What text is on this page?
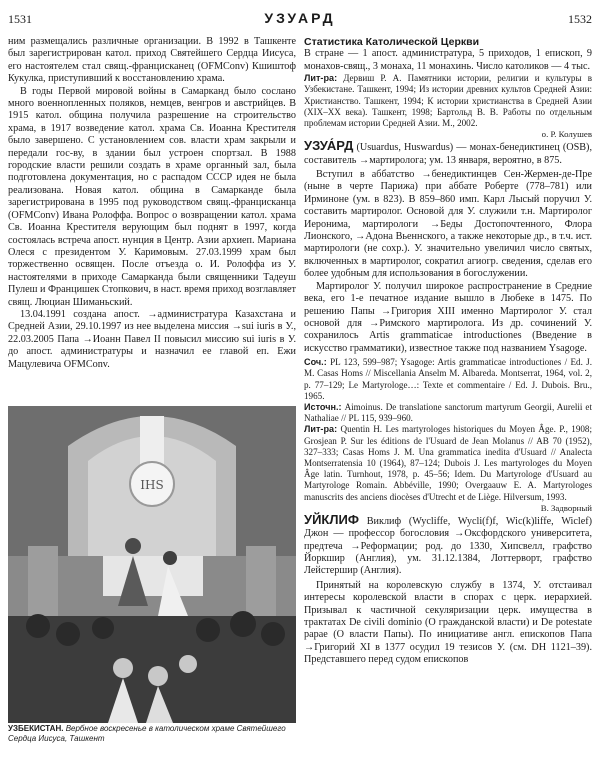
1531	УЗУАРД	1532

ним размещались различные организации. В 1992 в Ташкенте был зарегистрирован катол. приход Святейшего Сердца Иисуса, его настоятелем стал свящ.-францисканец (OFMConv) Кшиштоф Кукулка, приступивший к восстановлению храма.

В годы Первой мировой войны в Самарканд было сослано много военнопленных поляков, немцев, венгров и австрийцев. В 1915 катол. община получила разрешение на строительство храма, в 1917 возведение катол. храма Св. Иоанна Крестителя было завершено. С установлением сов. власти храм закрыли и передали гос-ву, в здании был устроен спортзал. В 1988 городские власти решили создать в храме органный зал, была подготовлена документация, но с распадом СССР идея не была реализована. Новая катол. община в Самарканде была зарегистрирована в 1995 под руководством свящ.-францисканца (OFMConv) Ивана Ролоффа. Вопрос о возвращении катол. храма Св. Иоанна Крестителя верующим был поднят в 1997, когда состоялась встреча апост. нунция в Центр. Азии архиеп. Мариана Олеся с президентом У. Каримовым. 27.03.1999 храм был торжественно освящен. После отъезда о. И. Ролоффа из У. настоятелями в приходе Самарканда были священники Тадеуш Пулеш и Францишек Стопкович, в наст. время приход возглавляет свящ. Люциан Шиманьский.

13.04.1991 создана апост. →администратура Казахстана и Средней Азии, 29.10.1997 из нее выделена миссия →sui iuris в У., 22.03.2005 Папа →Иоанн Павел II повысил миссию sui iuris в У. до апост. администратуры и назначил ее главой еп. Ежи Мацулевича OFMConv.

IHS
УЗБЕКИСТАН. Вербное воскресенье в католическом храме Святейшего Сердца Иисуса, Ташкент

Статистика Католической Церкви

В стране — 1 апост. администратура, 5 приходов, 1 епископ, 9 монахов-свящ., 3 монаха, 11 монахинь. Число католиков — 4 тыс.

Лит-ра: Дервиш Р. А. Памятники истории, религии и культуры в Узбекистане. Ташкент, 1994; Из истории древних культов Средней Азии: Христианство. Ташкент, 1994; К истории христианства в Средней Азии (XIX–XX века). Ташкент, 1998; Бартольд В. В. Работы по отдельным проблемам истории Средней Азии. М., 2002.

о. Р. Колушев

УЗУА́РД (Usuardus, Huswardus) — монах-бенедиктинец (OSB), составитель →мартиролога; ум. 13 января, вероятно, в 875.

Вступил в аббатство →бенедиктинцев Сен-Жермен-де-Пре (ныне в черте Парижа) при аббате Роберте (778–781) или Ирминоне (ум. в 823). В 859–860 имп. Карл Лысый поручил У. составить мартиролог. Основой для У. служили т.н. Мартиролог Иеронима, мартирологи →Беды Достопочтенного, Флора Лионского, →Адона Вьеннского, а также некоторые др., в т.ч. ист. мартирологи (не сохр.). У. значительно увеличил число святых, включенных в мартиролог, сократил агиогр. сведения, сделав его более удобным для использования в богослужении.

Мартиролог У. получил широкое распространение в Средние века, его 1-е печатное издание вышло в Любеке в 1475. По решению Папы →Григория XIII именно Мартиролог У. стал основой для →Римского мартиролога. Из др. сочинений У. сохранилось Artis grammaticae introductiones (Введение в искусство грамматики), известное также под названием Ysagoge.

Соч.: PL 123, 599–987; Ysagoge: Artis grammaticae introductiones / Ed. J. M. Casas Homs // Miscellania Anselm M. Albareda. Montserrat, 1964, vol. 2, p. 77–129; Le Martyrologe…: Texte et commentaire / Ed. J. Dubois. Bru., 1965.

Источн.: Aimoinus. De translatione sanctorum martyrum Georgii, Aurelii et Nathaliae // PL 115, 939–960.

Лит-ра: Quentin H. Les martyrologes historiques du Moyen Âge. P., 1908; Grosjean P. Sur les éditions de l'Usuard de Jean Molanus // AB 70 (1952), 327–333; Casas Homs J. M. Una grammatica inedita d'Usuard // Analecta Montserratensia 10 (1964), 87–124; Dubois J. Les martyrologes du Moyen Âge latin. Turnhout, 1978, p. 45–56; Idem. Du Martyrologe d'Usuard au Martyrologe Romain. Abbéville, 1990; Overgaauw E. A. Martyrologes manuscrits des anciens diocèses d'Utrecht et de Liège. Hilversum, 1993.

В. Задворный

УЙКЛИФ Виклиф (Wycliffe, Wycli(f)f, Wic(k)liffe, Wiclef) Джон — профессор богословия →Оксфордского университета, предтеча →Реформации; род. до 1330, Хипсвелл, графство Йоркшир (Англия), ум. 31.12.1384, Лоттерворт, графство Лейстершир (Англия).

Принятый на королевскую службу в 1374, У. отстаивал интересы королевской власти в спорах с церк. иерархией. Призывал к частичной секуляризации церк. имущества в трактатах De civili dominio (О гражданской власти) и De potestate papae (О власти Папы). По инициативе англ. епископов Папа →Григорий XI в 1377 осудил 19 тезисов У. (см. DH 1121–39). Представшего перед судом епископов
